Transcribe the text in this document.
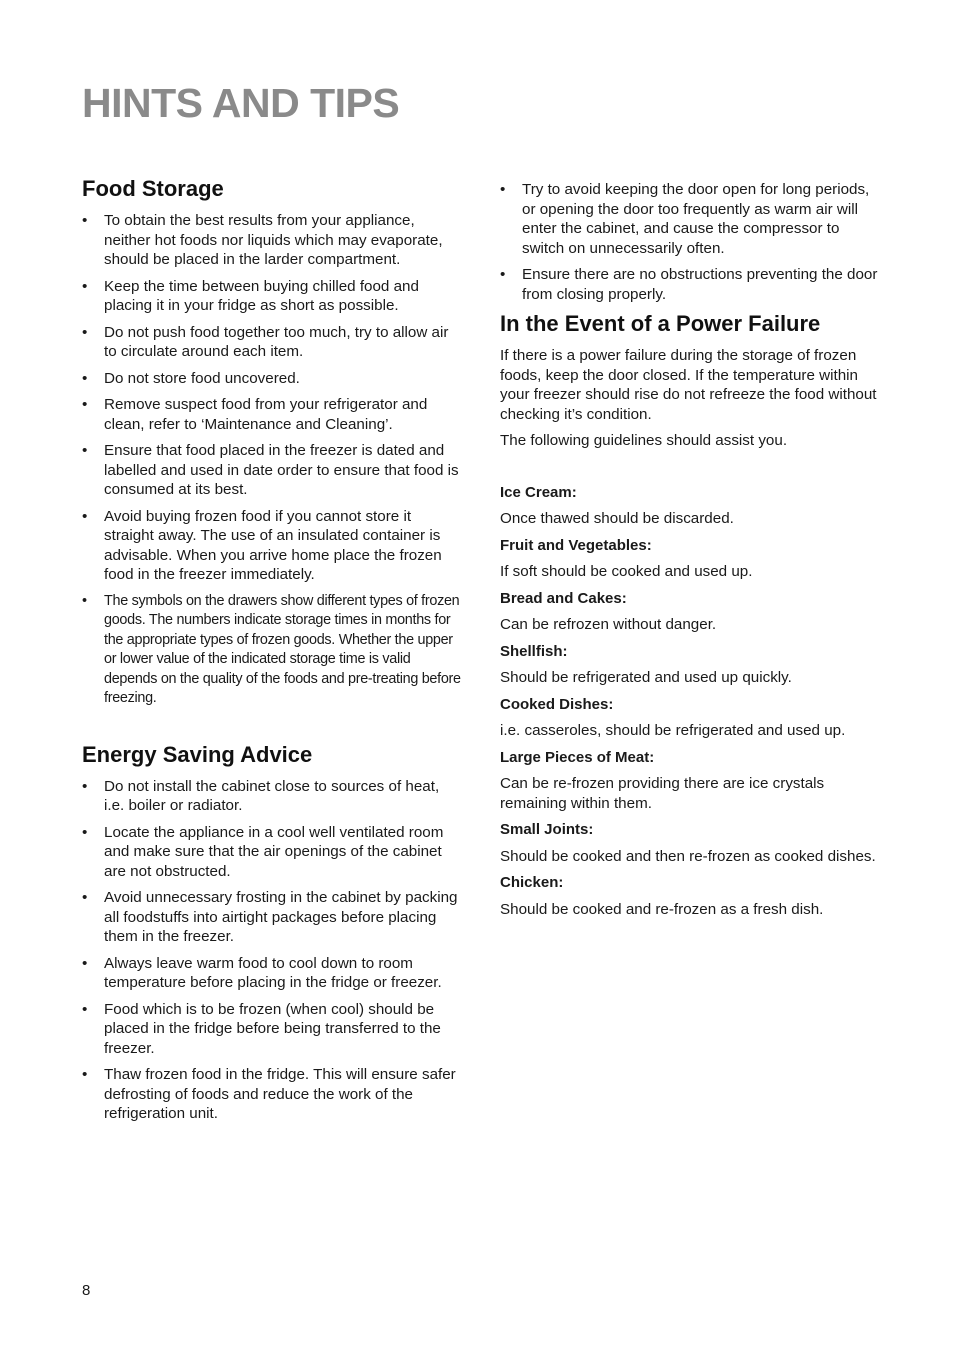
HINTS AND TIPS
Food Storage
• To obtain the best results from your appliance, neither hot foods nor liquids which may evaporate, should be placed in the larder compartment.
• Keep the time between buying chilled food and placing it in your fridge as short as possible.
• Do not push food together too much, try to allow air to circulate around each item.
• Do not store food uncovered.
• Remove suspect food from your refrigerator and clean, refer to ‘Maintenance and Cleaning’.
• Ensure that food placed in the freezer is dated and labelled and used in date order to ensure that food is consumed at its best.
• Avoid buying frozen food if you cannot store it straight away. The use of an insulated container is advisable. When you arrive home place the frozen food in the freezer immediately.
• The symbols on the drawers show different types of frozen goods. The numbers indicate storage times in months for the appropriate types of frozen goods. Whether the upper or lower value of the indicated storage time is valid depends on the quality of the foods and pre-treating before freezing.
Energy Saving Advice
• Do not install the cabinet close to sources of heat, i.e. boiler or radiator.
• Locate the appliance in a cool well ventilated room and make sure that the air openings of the cabinet are not obstructed.
• Avoid unnecessary frosting in the cabinet by packing all foodstuffs into airtight packages before placing them in the freezer.
• Always leave warm food to cool down to room temperature before placing in the fridge or freezer.
• Food which is to be frozen (when cool) should be placed in the fridge before being transferred to the freezer.
• Thaw frozen food in the fridge. This will ensure safer defrosting of foods and reduce the work of the refrigeration unit.
• Try to avoid keeping the door open for long periods, or opening the door too frequently as warm air will enter the cabinet, and cause the compressor to switch on unnecessarily often.
• Ensure there are no obstructions preventing the door from closing properly.
In the Event of a Power Failure

If there is a power failure during the storage of frozen foods, keep the door closed. If the temperature within your freezer should rise do not refreeze the food without checking it’s condition.

The following guidelines should assist you.

Ice Cream:
Once thawed should be discarded.
Fruit and Vegetables:
If soft should be cooked and used up.
Bread and Cakes:
Can be refrozen without danger.
Shellfish:
Should be refrigerated and used up quickly.
Cooked Dishes:
i.e. casseroles, should be refrigerated and used up.
Large Pieces of Meat:
Can be re-frozen providing there are ice crystals remaining within them.
Small Joints:
Should be cooked and then re-frozen as cooked dishes.
Chicken:
Should be cooked and re-frozen as a fresh dish.
8
